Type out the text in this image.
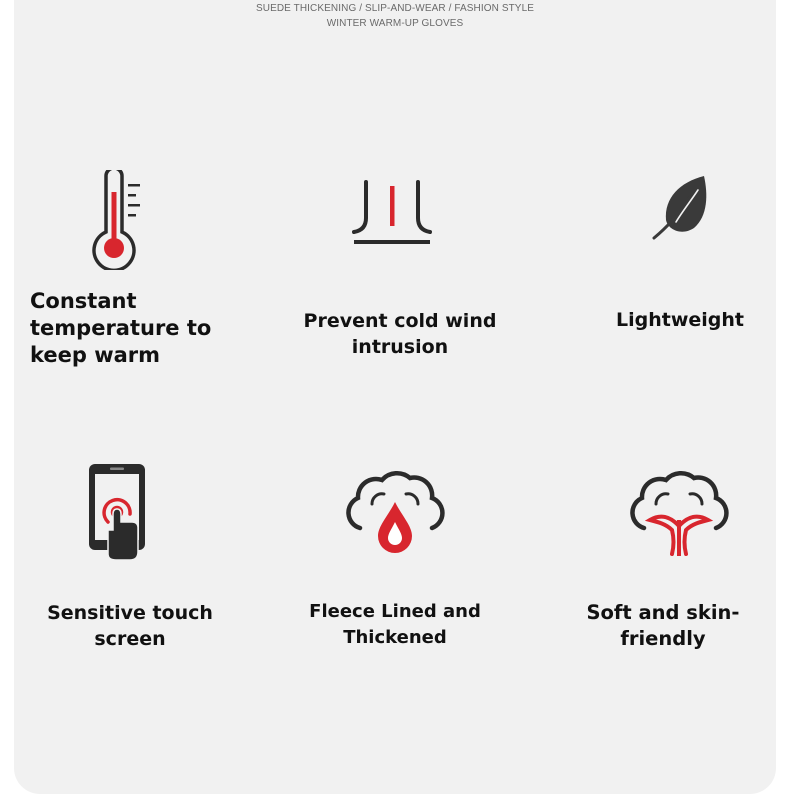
SUEDE THICKENING / SLIP-AND-WEAR / FASHION STYLE
WINTER WARM-UP GLOVES
Constant temperature to keep warm
Prevent cold wind intrusion
Lightweight
Sensitive touch screen
Fleece Lined and Thickened
Soft and skin-friendly
